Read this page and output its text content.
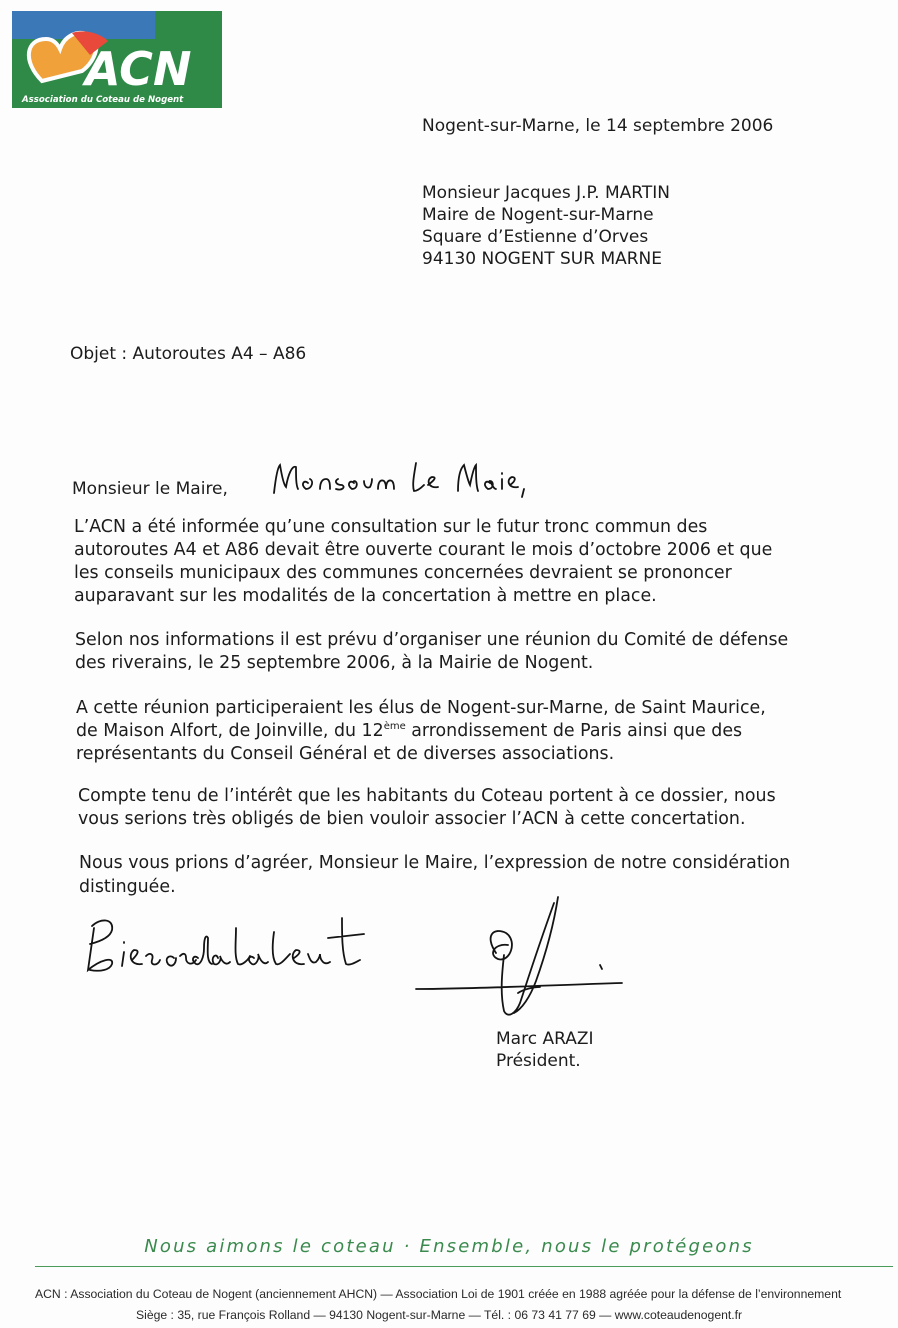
ACN
Association du Coteau de Nogent
Nogent-sur-Marne, le 14 septembre 2006
Monsieur Jacques J.P. MARTIN
Maire de Nogent-sur-Marne
Square d’Estienne d’Orves
94130 NOGENT SUR MARNE
Objet : Autoroutes A4 – A86
Monsieur le Maire,
L’ACN a été informée qu’une consultation sur le futur tronc commun des
autoroutes A4 et A86 devait être ouverte courant le mois d’octobre 2006 et que
les conseils municipaux des communes concernées devraient se prononcer
auparavant sur les modalités de la concertation à mettre en place.
Selon nos informations il est prévu d’organiser une réunion du Comité de défense
des riverains, le 25 septembre 2006, à la Mairie de Nogent.
A cette réunion participeraient les élus de Nogent-sur-Marne, de Saint Maurice,
de Maison Alfort, de Joinville, du 12ème arrondissement de Paris ainsi que des
représentants du Conseil Général et de diverses associations.
Compte tenu de l’intérêt que les habitants du Coteau portent à ce dossier, nous
vous serions très obligés de bien vouloir associer l’ACN à cette concertation.
Nous vous prions d’agréer, Monsieur le Maire, l’expression de notre considération
distinguée.
Marc ARAZI
Président.
Nous aimons le coteau · Ensemble, nous le protégeons
ACN : Association du Coteau de Nogent (anciennement AHCN) — Association Loi de 1901 créée en 1988 agréée pour la défense de l’environnement
Siège : 35, rue François Rolland — 94130 Nogent-sur-Marne — Tél. : 06 73 41 77 69 — www.coteaudenogent.fr
